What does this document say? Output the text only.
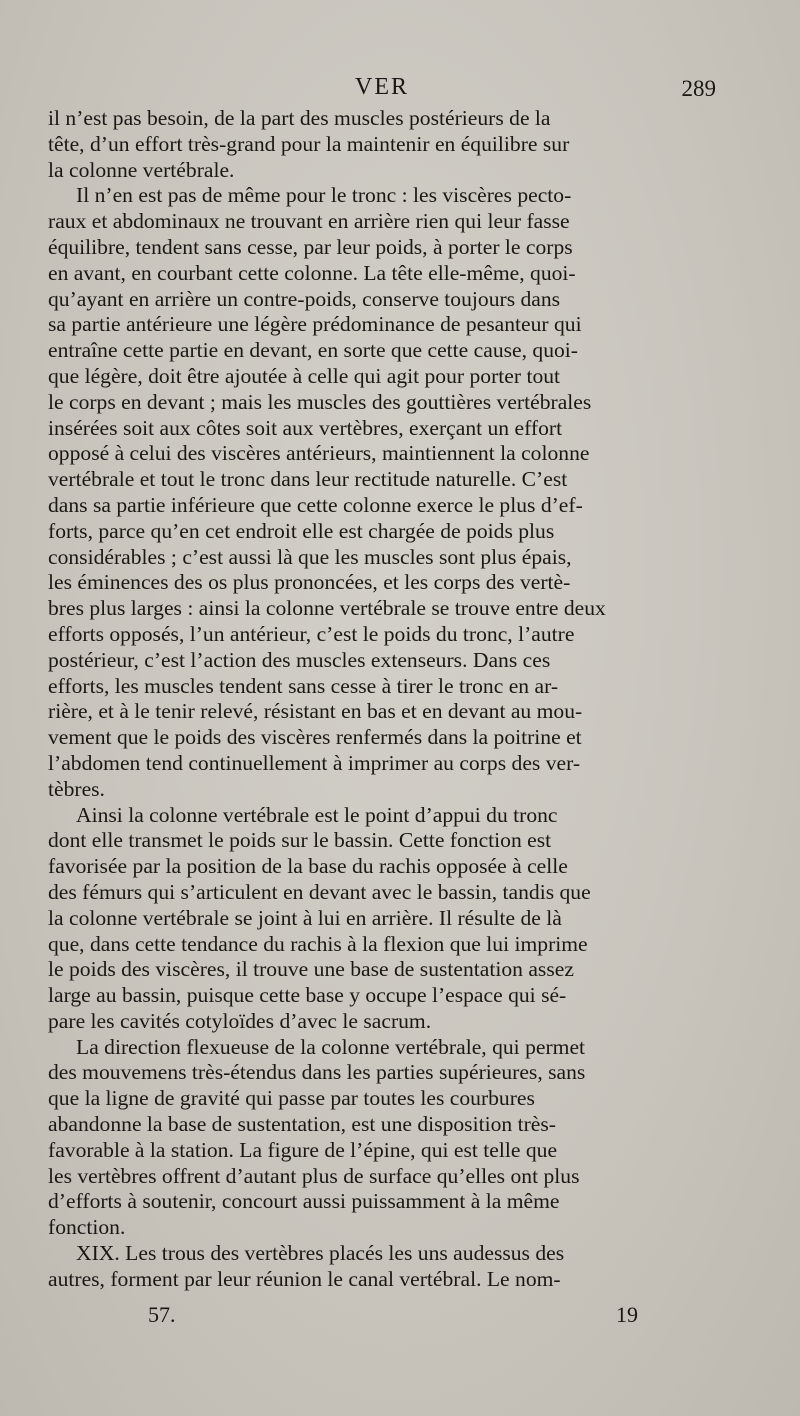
VER	289

il n’est pas besoin, de la part des muscles postérieurs de la
tête, d’un effort très-grand pour la maintenir en équilibre sur
la colonne vertébrale.

Il n’en est pas de même pour le tronc : les viscères pecto-
raux et abdominaux ne trouvant en arrière rien qui leur fasse
équilibre, tendent sans cesse, par leur poids, à porter le corps
en avant, en courbant cette colonne. La tête elle-même, quoi-
qu’ayant en arrière un contre-poids, conserve toujours dans
sa partie antérieure une légère prédominance de pesanteur qui
entraîne cette partie en devant, en sorte que cette cause, quoi-
que légère, doit être ajoutée à celle qui agit pour porter tout
le corps en devant ; mais les muscles des gouttières vertébrales
insérées soit aux côtes soit aux vertèbres, exerçant un effort
opposé à celui des viscères antérieurs, maintiennent la colonne
vertébrale et tout le tronc dans leur rectitude naturelle. C’est
dans sa partie inférieure que cette colonne exerce le plus d’ef-
forts, parce qu’en cet endroit elle est chargée de poids plus
considérables ; c’est aussi là que les muscles sont plus épais,
les éminences des os plus prononcées, et les corps des vertè-
bres plus larges : ainsi la colonne vertébrale se trouve entre deux
efforts opposés, l’un antérieur, c’est le poids du tronc, l’autre
postérieur, c’est l’action des muscles extenseurs. Dans ces
efforts, les muscles tendent sans cesse à tirer le tronc en ar-
rière, et à le tenir relevé, résistant en bas et en devant au mou-
vement que le poids des viscères renfermés dans la poitrine et
l’abdomen tend continuellement à imprimer au corps des ver-
tèbres.

Ainsi la colonne vertébrale est le point d’appui du tronc
dont elle transmet le poids sur le bassin. Cette fonction est
favorisée par la position de la base du rachis opposée à celle
des fémurs qui s’articulent en devant avec le bassin, tandis que
la colonne vertébrale se joint à lui en arrière. Il résulte de là
que, dans cette tendance du rachis à la flexion que lui imprime
le poids des viscères, il trouve une base de sustentation assez
large au bassin, puisque cette base y occupe l’espace qui sé-
pare les cavités cotyloïdes d’avec le sacrum.

La direction flexueuse de la colonne vertébrale, qui permet
des mouvemens très-étendus dans les parties supérieures, sans
que la ligne de gravité qui passe par toutes les courbures
abandonne la base de sustentation, est une disposition très-
favorable à la station. La figure de l’épine, qui est telle que
les vertèbres offrent d’autant plus de surface qu’elles ont plus
d’efforts à soutenir, concourt aussi puissamment à la même
fonction.

XIX. Les trous des vertèbres placés les uns audessus des
autres, forment par leur réunion le canal vertébral. Le nom-

57.	19
